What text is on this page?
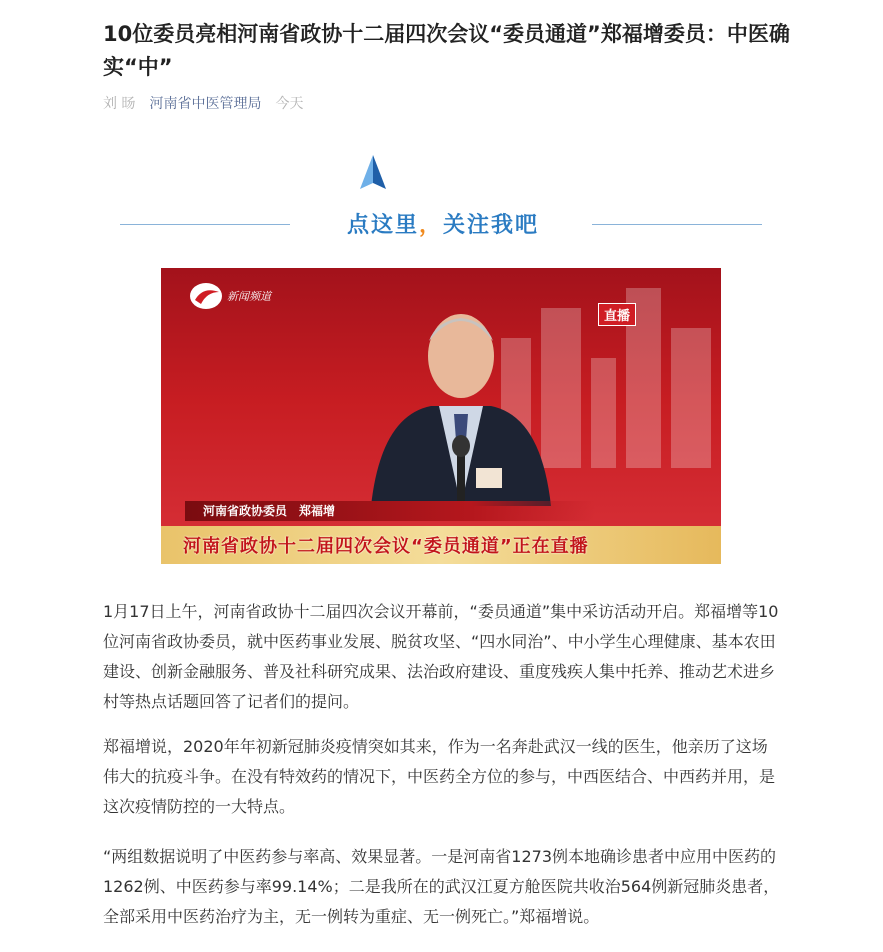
10位委员亮相河南省政协十二届四次会议“委员通道”郑福增委员：中医确实“中”
刘 旸 河南省中医管理局 今天
点这里，关注我吧
新闻频道
直播
河南省政协委员　郑福增
河南省政协十二届四次会议“委员通道”正在直播

1月17日上午，河南省政协十二届四次会议开幕前，“委员通道”集中采访活动开启。郑福增等10位河南省政协委员，就中医药事业发展、脱贫攻坚、“四水同治”、中小学生心理健康、基本农田建设、创新金融服务、普及社科研究成果、法治政府建设、重度残疾人集中托养、推动艺术进乡村等热点话题回答了记者们的提问。

郑福增说，2020年年初新冠肺炎疫情突如其来，作为一名奔赴武汉一线的医生，他亲历了这场伟大的抗疫斗争。在没有特效药的情况下，中医药全方位的参与，中西医结合、中西药并用，是这次疫情防控的一大特点。

“两组数据说明了中医药参与率高、效果显著。一是河南省1273例本地确诊患者中应用中医药的1262例、中医药参与率99.14%；二是我所在的武汉江夏方舱医院共收治564例新冠肺炎患者，全部采用中医药治疗为主，无一例转为重症、无一例死亡。”郑福增说。
